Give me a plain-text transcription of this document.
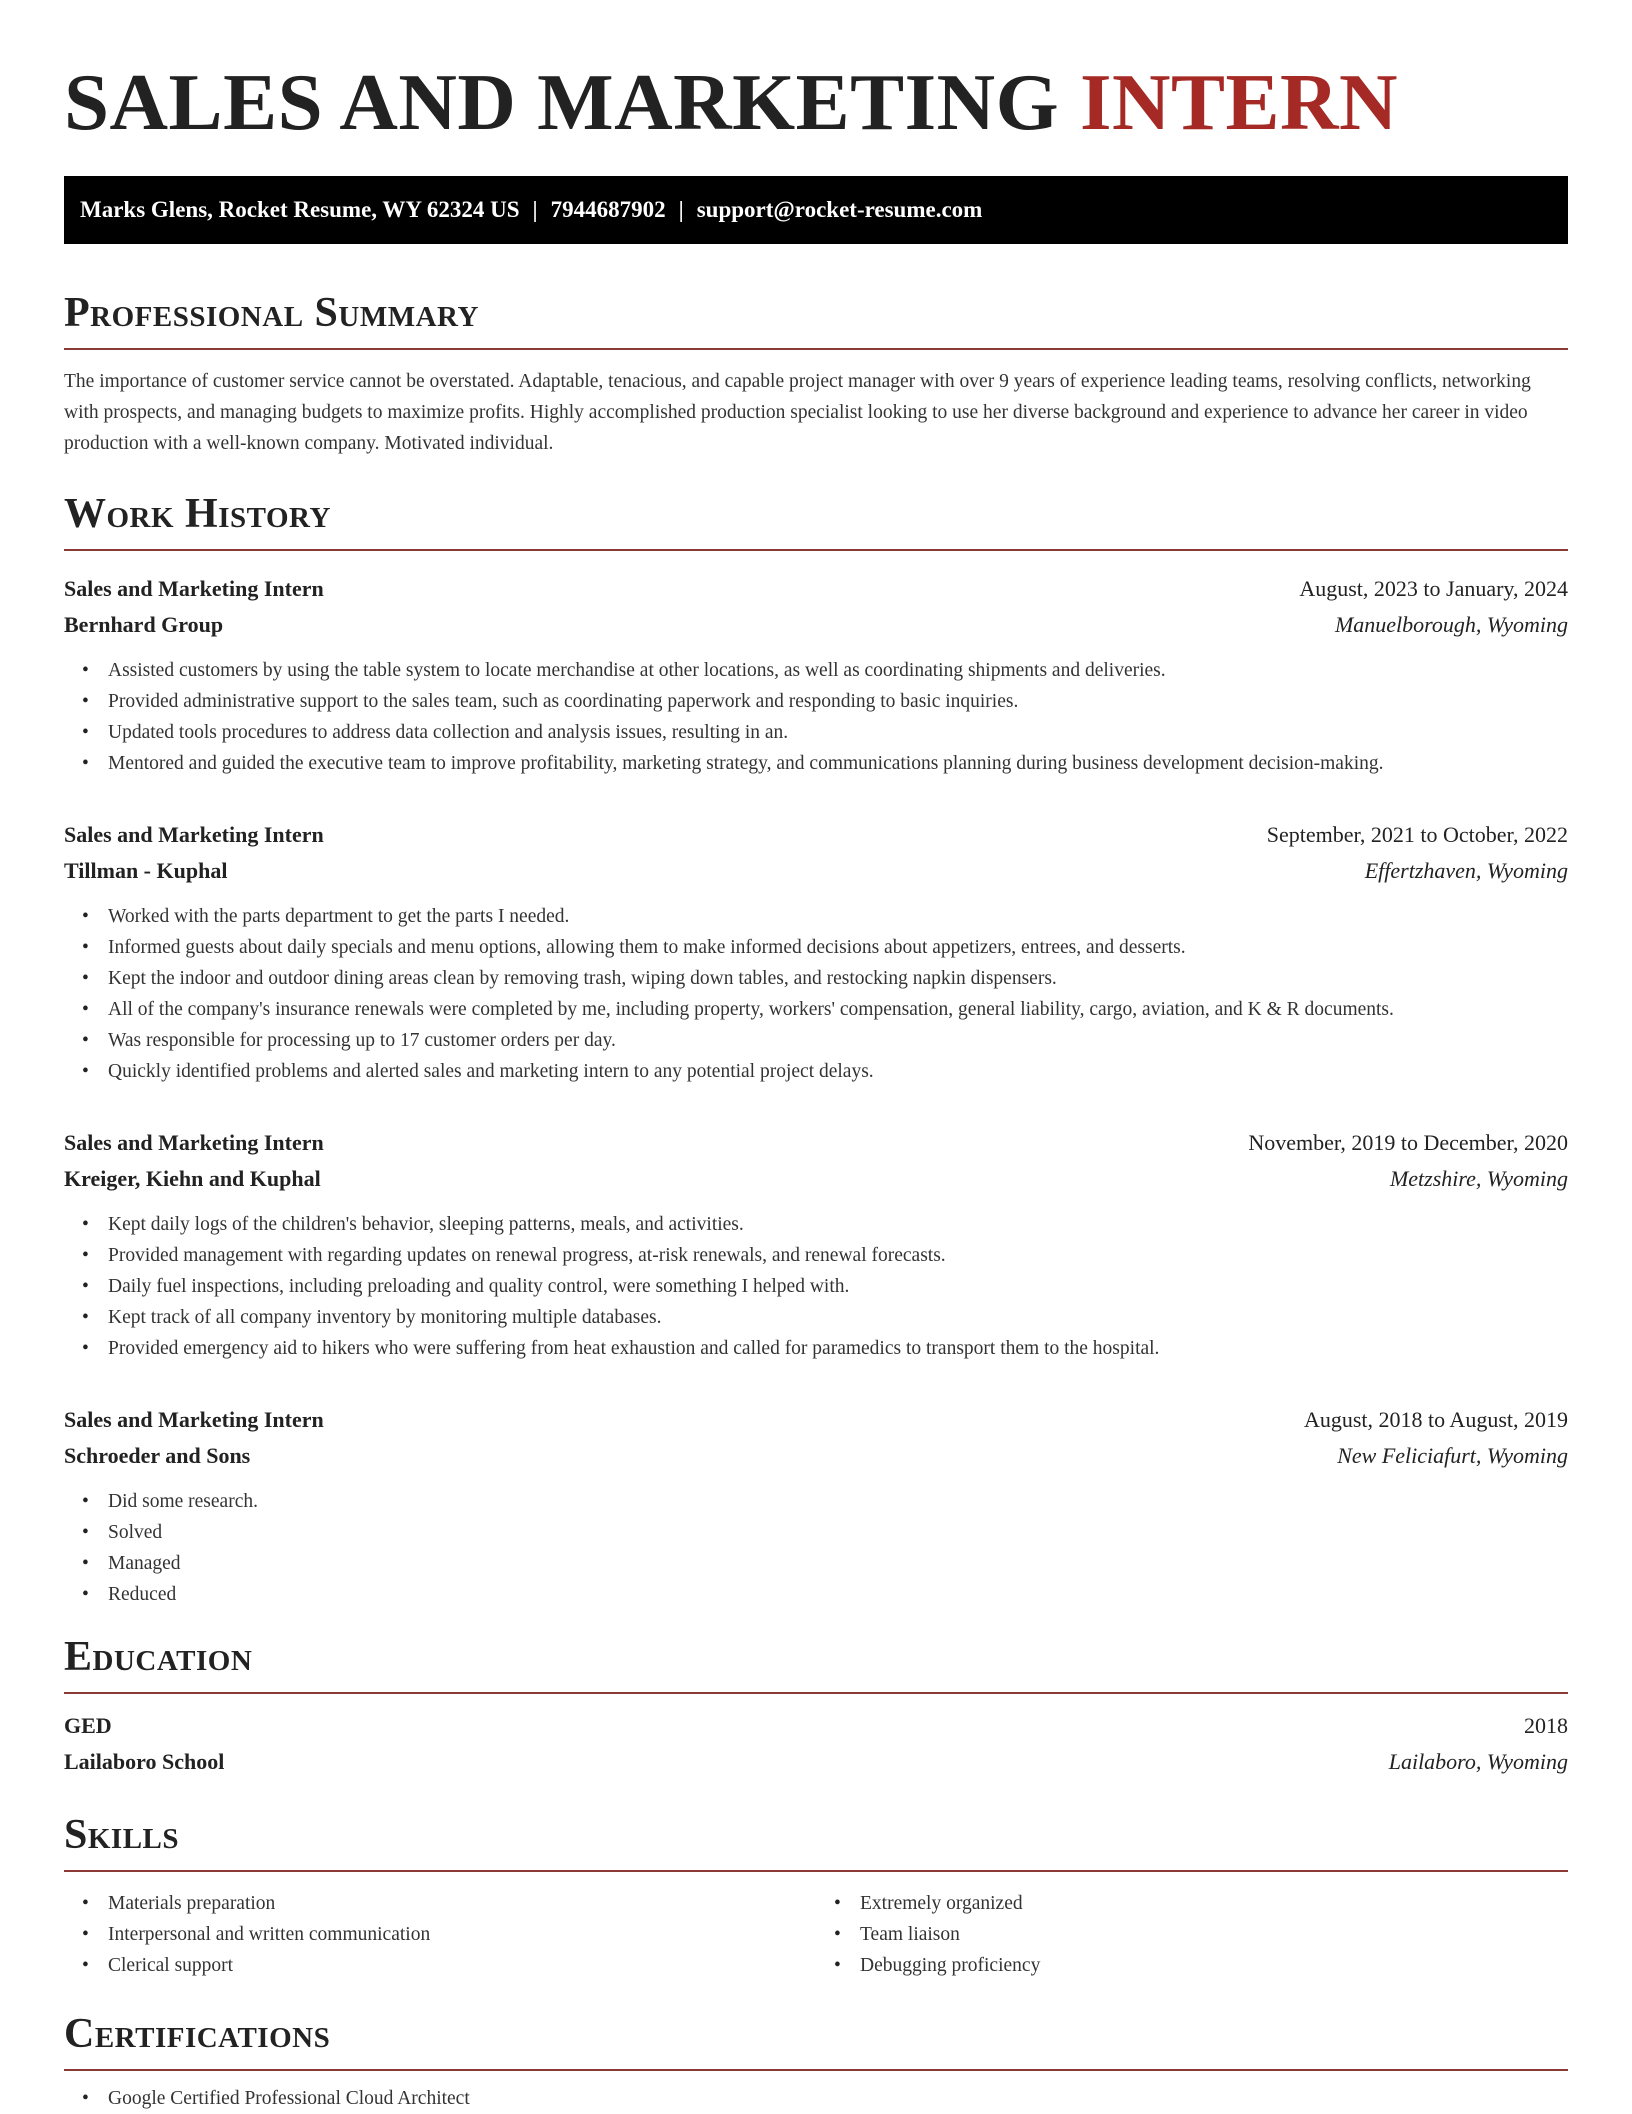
SALES AND MARKETING INTERN
Marks Glens, Rocket Resume, WY 62324 US | 7944687902 | support@rocket-resume.com
Professional Summary

The importance of customer service cannot be overstated. Adaptable, tenacious, and capable project manager with over 9 years of experience leading teams, resolving conflicts, networking with prospects, and managing budgets to maximize profits. Highly accomplished production specialist looking to use her diverse background and experience to advance her career in video production with a well-known company. Motivated individual.

Work History
Sales and Marketing Intern	August, 2023 to January, 2024
Bernhard Group	Manuelborough, Wyoming
• Assisted customers by using the table system to locate merchandise at other locations, as well as coordinating shipments and deliveries.
• Provided administrative support to the sales team, such as coordinating paperwork and responding to basic inquiries.
• Updated tools procedures to address data collection and analysis issues, resulting in an.
• Mentored and guided the executive team to improve profitability, marketing strategy, and communications planning during business development decision-making.
Sales and Marketing Intern	September, 2021 to October, 2022
Tillman - Kuphal	Effertzhaven, Wyoming
• Worked with the parts department to get the parts I needed.
• Informed guests about daily specials and menu options, allowing them to make informed decisions about appetizers, entrees, and desserts.
• Kept the indoor and outdoor dining areas clean by removing trash, wiping down tables, and restocking napkin dispensers.
• All of the company's insurance renewals were completed by me, including property, workers' compensation, general liability, cargo, aviation, and K & R documents.
• Was responsible for processing up to 17 customer orders per day.
• Quickly identified problems and alerted sales and marketing intern to any potential project delays.
Sales and Marketing Intern	November, 2019 to December, 2020
Kreiger, Kiehn and Kuphal	Metzshire, Wyoming
• Kept daily logs of the children's behavior, sleeping patterns, meals, and activities.
• Provided management with regarding updates on renewal progress, at-risk renewals, and renewal forecasts.
• Daily fuel inspections, including preloading and quality control, were something I helped with.
• Kept track of all company inventory by monitoring multiple databases.
• Provided emergency aid to hikers who were suffering from heat exhaustion and called for paramedics to transport them to the hospital.
Sales and Marketing Intern	August, 2018 to August, 2019
Schroeder and Sons	New Feliciafurt, Wyoming
• Did some research.
• Solved
• Managed
• Reduced
Education
GED	2018
Lailaboro School	Lailaboro, Wyoming
Skills
• Materials preparation
• Interpersonal and written communication
• Clerical support
• Extremely organized
• Team liaison
• Debugging proficiency
Certifications
• Google Certified Professional Cloud Architect
